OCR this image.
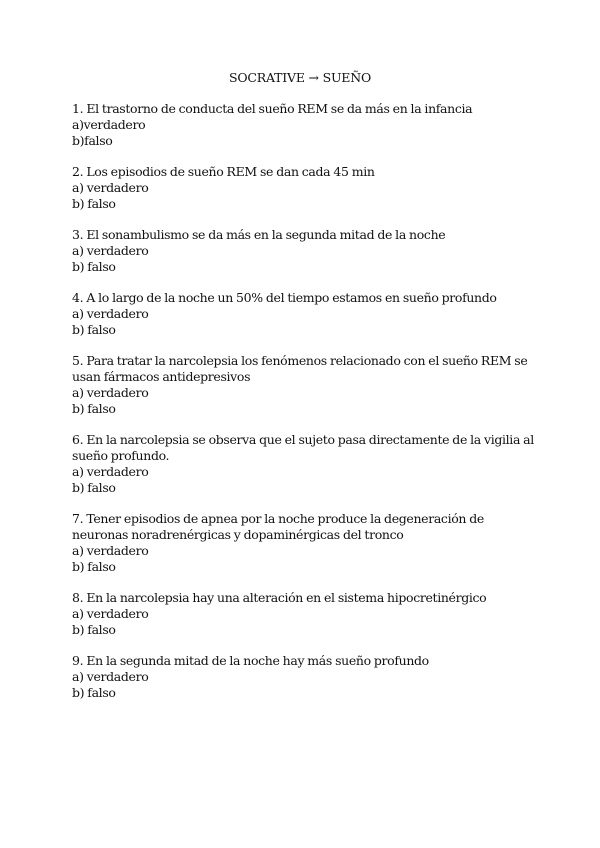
SOCRATIVE → SUEÑO

1. El trastorno de conducta del sueño REM se da más en la infancia

a)verdadero
b)falso

2. Los episodios de sueño REM se dan cada 45 min

a) verdadero
b) falso

3. El sonambulismo se da más en la segunda mitad de la noche

a) verdadero
b) falso

4. A lo largo de la noche un 50% del tiempo estamos en sueño profundo

a) verdadero
b) falso

5. Para tratar la narcolepsia los fenómenos relacionado con el sueño REM se usan fármacos antidepresivos

a) verdadero
b) falso

6. En la narcolepsia se observa que el sujeto pasa directamente de la vigilia al sueño profundo.

a) verdadero
b) falso

7. Tener episodios de apnea por la noche produce la degeneración de neuronas noradrenérgicas y dopaminérgicas del tronco

a) verdadero
b) falso

8. En la narcolepsia hay una alteración en el sistema hipocretinérgico

a) verdadero
b) falso

9. En la segunda mitad de la noche hay más sueño profundo

a) verdadero
b) falso
